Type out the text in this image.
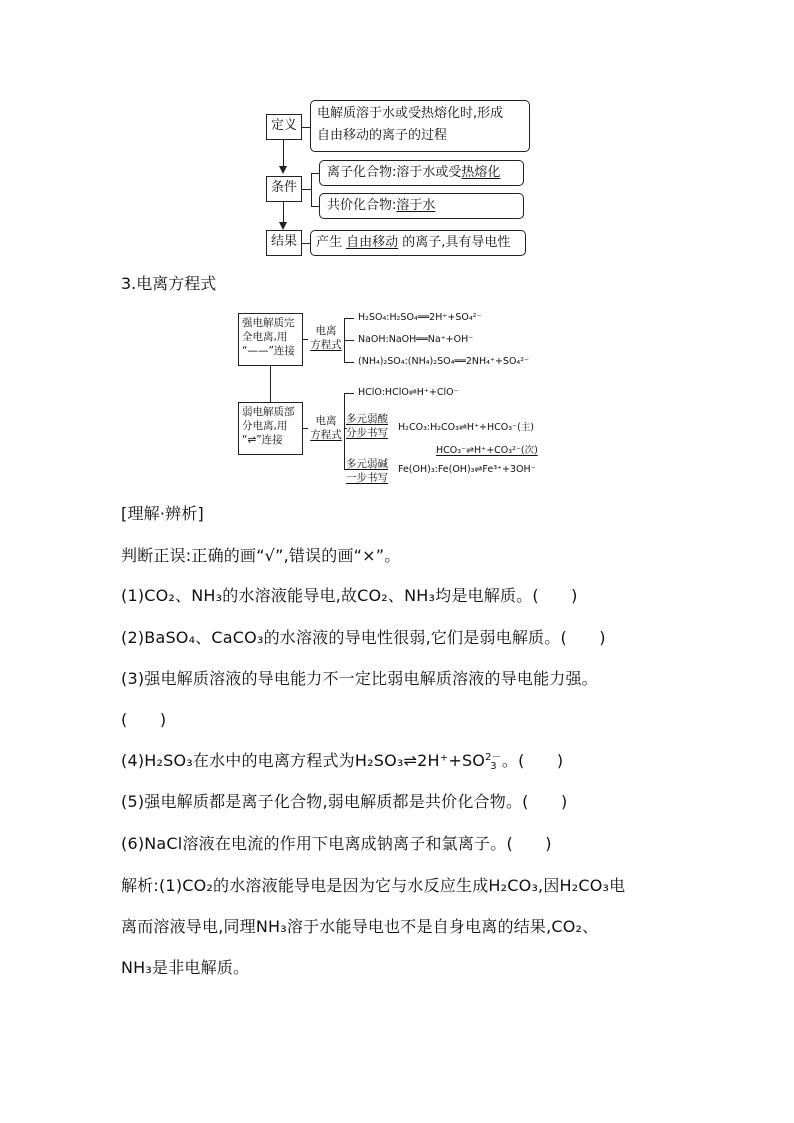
定义
条件
结果
电解质溶于水或受热熔化时,形成
自由移动的离子的过程
离子化合物:溶于水或受热熔化
共价化合物:溶于水
产生 自由移动 的离子,具有导电性
3.电离方程式
强电解质完
全电离,用
“——”连接
弱电解质部
分电离,用
“⇌”连接
电离
方程式
H₂SO₄:H₂SO₄══2H⁺+SO₄²⁻
NaOH:NaOH══Na⁺+OH⁻
(NH₄)₂SO₄:(NH₄)₂SO₄══2NH₄⁺+SO₄²⁻
电离
方程式
HClO:HClO⇌H⁺+ClO⁻
多元弱酸
分步书写 H₂CO₃:H₂CO₃⇌H⁺+HCO₃⁻(主)
HCO₃⁻⇌H⁺+CO₃²⁻(次)
多元弱碱
一步书写
Fe(OH)₃:Fe(OH)₃⇌Fe³⁺+3OH⁻
[理解·辨析]
判断正误:正确的画“√”,错误的画“×”。
(1)CO₂、NH₃的水溶液能导电,故CO₂、NH₃均是电解质。(　　)
(2)BaSO₄、CaCO₃的水溶液的导电性很弱,它们是弱电解质。(　　)
(3)强电解质溶液的导电能力不一定比弱电解质溶液的导电能力强。
(　　)
(4)H₂SO₃在水中的电离方程式为H₂SO₃⇌2H⁺+SO 2－
3 。(　　)
(5)强电解质都是离子化合物,弱电解质都是共价化合物。(　　)
(6)NaCl溶液在电流的作用下电离成钠离子和氯离子。(　　)
解析:(1)CO₂的水溶液能导电是因为它与水反应生成H₂CO₃,因H₂CO₃电
离而溶液导电,同理NH₃溶于水能导电也不是自身电离的结果,CO₂、
NH₃是非电解质。
